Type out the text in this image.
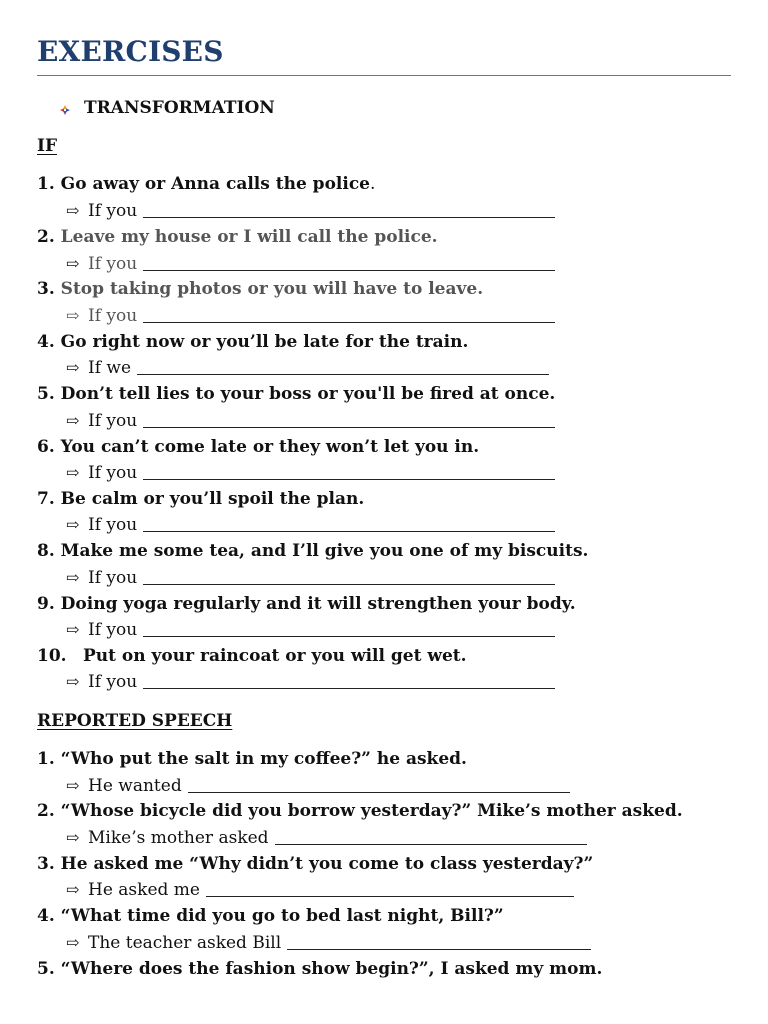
EXERCISES
TRANSFORMATION
IF
1. Go away or Anna calls the police.
⇨ If you
2. Leave my house or I will call the police.
⇨ If you
3. Stop taking photos or you will have to leave.
⇨ If you
4. Go right now or you’ll be late for the train.
⇨ If we
5. Don’t tell lies to your boss or you'll be fired at once.
⇨ If you
6. You can’t come late or they won’t let you in.
⇨ If you
7. Be calm or you’ll spoil the plan.
⇨ If you
8. Make me some tea, and I’ll give you one of my biscuits.
⇨ If you
9. Doing yoga regularly and it will strengthen your body.
⇨ If you
10. Put on your raincoat or you will get wet.
⇨ If you
REPORTED SPEECH
1. “Who put the salt in my coffee?” he asked.
⇨ He wanted
2. “Whose bicycle did you borrow yesterday?” Mike’s mother asked.
⇨ Mike’s mother asked
3. He asked me “Why didn’t you come to class yesterday?”
⇨ He asked me
4. “What time did you go to bed last night, Bill?”
⇨ The teacher asked Bill
5. “Where does the fashion show begin?”, I asked my mom.
